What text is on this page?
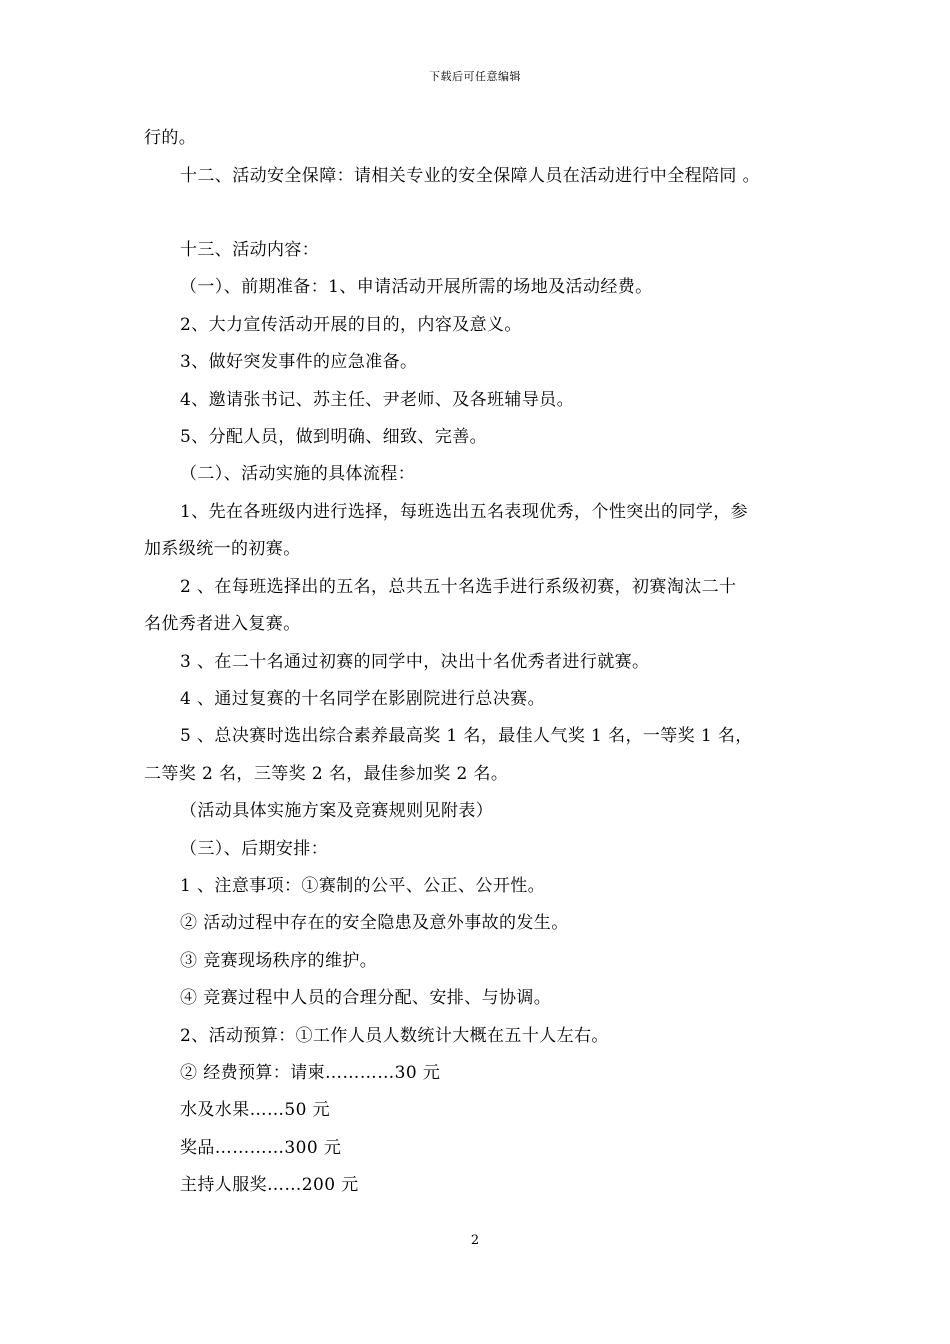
下载后可任意编辑
行的。
十二、活动安全保障：请相关专业的安全保障人员在活动进行中全程陪同 。
十三、活动内容：
（一）、前期准备：1、申请活动开展所需的场地及活动经费。
2、大力宣传活动开展的目的，内容及意义。
3、做好突发事件的应急准备。
4、邀请张书记、苏主任、尹老师、及各班辅导员。
5、分配人员，做到明确、细致、完善。
（二）、活动实施的具体流程：
1、先在各班级内进行选择，每班选出五名表现优秀，个性突出的同学，参
加系级统一的初赛。
2 、在每班选择出的五名，总共五十名选手进行系级初赛，初赛淘汰二十
名优秀者进入复赛。
3 、在二十名通过初赛的同学中，决出十名优秀者进行就赛。
4 、通过复赛的十名同学在影剧院进行总决赛。
5 、总决赛时选出综合素养最高奖 1 名，最佳人气奖 1 名，一等奖 1 名，
二等奖 2 名，三等奖 2 名，最佳参加奖 2 名。
（活动具体实施方案及竞赛规则见附表）
（三）、后期安排：
1 、注意事项：①赛制的公平、公正、公开性。
② 活动过程中存在的安全隐患及意外事故的发生。
③ 竞赛现场秩序的维护。
④ 竞赛过程中人员的合理分配、安排、与协调。
2、活动预算：①工作人员人数统计大概在五十人左右。
② 经费预算：请柬…………30 元
水及水果……50 元
奖品…………300 元
主持人服奖……200 元
2
